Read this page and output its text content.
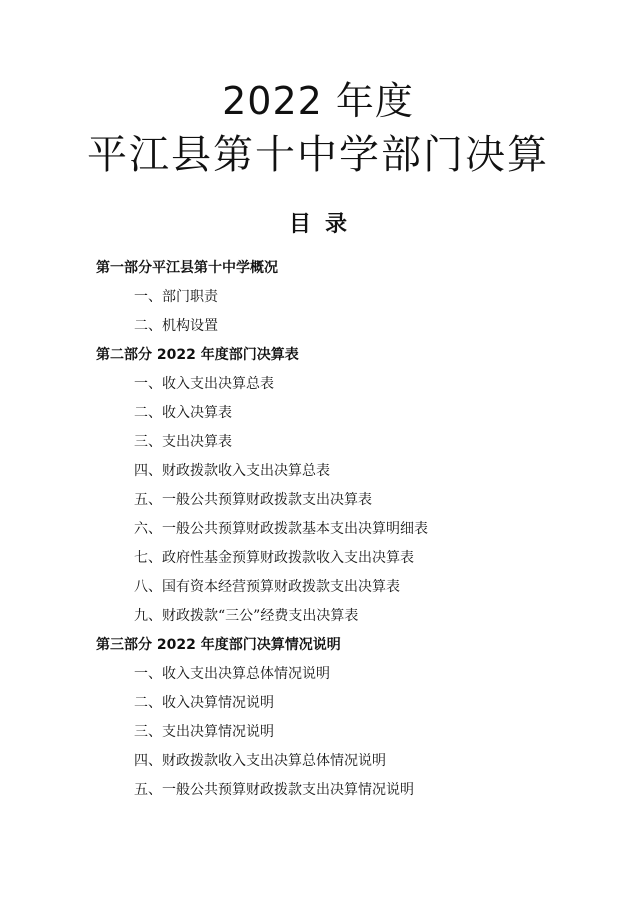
2022 年度
平江县第十中学部门决算
目录
第一部分平江县第十中学概况
一、部门职责
二、机构设置
第二部分 2022 年度部门决算表
一、收入支出决算总表
二、收入决算表
三、支出决算表
四、财政拨款收入支出决算总表
五、一般公共预算财政拨款支出决算表
六、一般公共预算财政拨款基本支出决算明细表
七、政府性基金预算财政拨款收入支出决算表
八、国有资本经营预算财政拨款支出决算表
九、财政拨款“三公”经费支出决算表
第三部分 2022 年度部门决算情况说明
一、收入支出决算总体情况说明
二、收入决算情况说明
三、支出决算情况说明
四、财政拨款收入支出决算总体情况说明
五、一般公共预算财政拨款支出决算情况说明
